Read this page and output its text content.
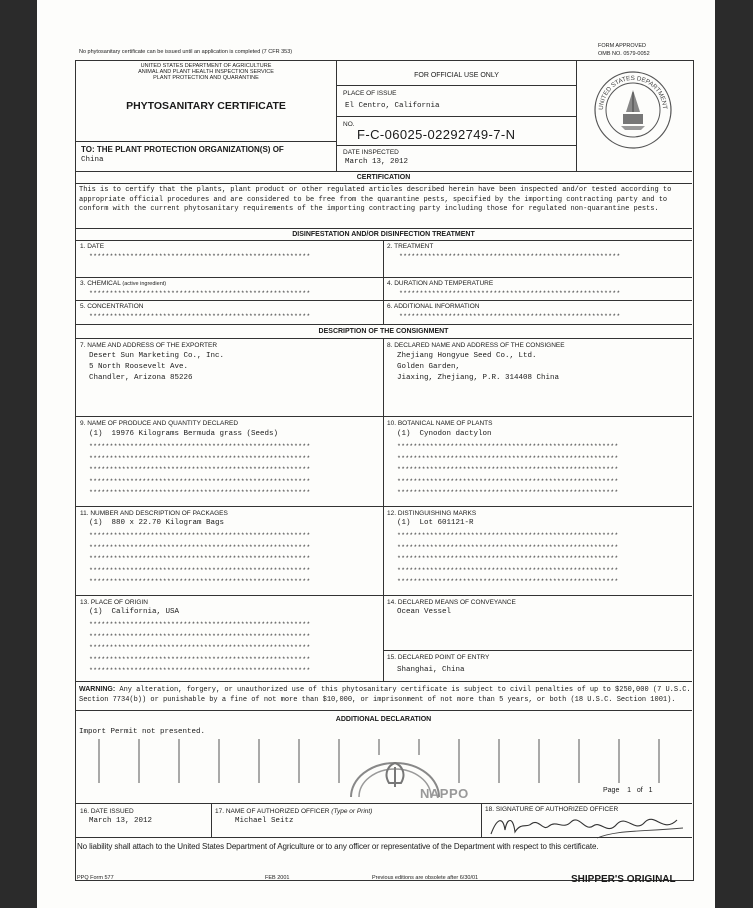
No phytosanitary certificate can be issued until an application is completed (7 CFR 353)
FORM APPROVED
OMB NO. 0579-0052
UNITED STATES DEPARTMENT OF AGRICULTURE
ANIMAL AND PLANT HEALTH INSPECTION SERVICE
PLANT PROTECTION AND QUARANTINE
PHYTOSANITARY CERTIFICATE
FOR OFFICIAL USE ONLY
PLACE OF ISSUE
El Centro, California
NO.
F-C-06025-02292749-7-N
UNITED STATES DEPARTMENT
TO: THE PLANT PROTECTION ORGANIZATION(S) OF
China
DATE INSPECTED
March 13, 2012
CERTIFICATION
This is to certify that the plants, plant product or other regulated articles described herein have been inspected and/or tested according to appropriate official procedures and are considered to be free from the quarantine pests, specified by the importing contracting party and to conform with the current phytosanitary requirements of the importing contracting party including those for regulated non-quarantine pests.
DISINFESTATION AND/OR DISINFECTION TREATMENT
1. DATE
******************************************************
2. TREATMENT
******************************************************
3. CHEMICAL (active ingredient)
******************************************************
4. DURATION AND TEMPERATURE
******************************************************
5. CONCENTRATION
******************************************************
6. ADDITIONAL INFORMATION
******************************************************
DESCRIPTION OF THE CONSIGNMENT
7. NAME AND ADDRESS OF THE EXPORTER
Desert Sun Marketing Co., Inc.
5 North Roosevelt Ave.
Chandler, Arizona 85226
8. DECLARED NAME AND ADDRESS OF THE CONSIGNEE
Zhejiang Hongyue Seed Co., Ltd.
Golden Garden,
Jiaxing, Zhejiang, P.R. 314408 China
9. NAME OF PRODUCE AND QUANTITY DECLARED
(1)  19976 Kilograms Bermuda grass (Seeds)
******************************************************
******************************************************
******************************************************
******************************************************
******************************************************
10. BOTANICAL NAME OF PLANTS
(1)  Cynodon dactylon
******************************************************
******************************************************
******************************************************
******************************************************
******************************************************
11. NUMBER AND DESCRIPTION OF PACKAGES
(1)  880 x 22.70 Kilogram Bags
******************************************************
******************************************************
******************************************************
******************************************************
******************************************************
12. DISTINGUISHING MARKS
(1)  Lot 601121-R
******************************************************
******************************************************
******************************************************
******************************************************
******************************************************
13. PLACE OF ORIGIN
(1)  California, USA
******************************************************
******************************************************
******************************************************
******************************************************
******************************************************
14. DECLARED MEANS OF CONVEYANCE
Ocean Vessel
15. DECLARED POINT OF ENTRY
Shanghai, China
WARNING: Any alteration, forgery, or unauthorized use of this phytosanitary certificate is subject to civil penalties of up to $250,000 (7 U.S.C. Section 7734(b)) or punishable by a fine of not more than $10,000, or imprisonment of not more than 5 years, or both (18 U.S.C. Section 1001).
ADDITIONAL DECLARATION
Import Permit not presented.
NAPPO	Page 1 of 1
16. DATE ISSUED
March 13, 2012
17. NAME OF AUTHORIZED OFFICER (Type or Print)
Michael Seitz
18. SIGNATURE OF AUTHORIZED OFFICER
No liability shall attach to the United States Department of Agriculture or to any officer or representative of the Department with respect to this certificate.
PPQ Form 577	FEB 2001	Previous editions are obsolete after 6/30/01	SHIPPER'S ORIGINAL
